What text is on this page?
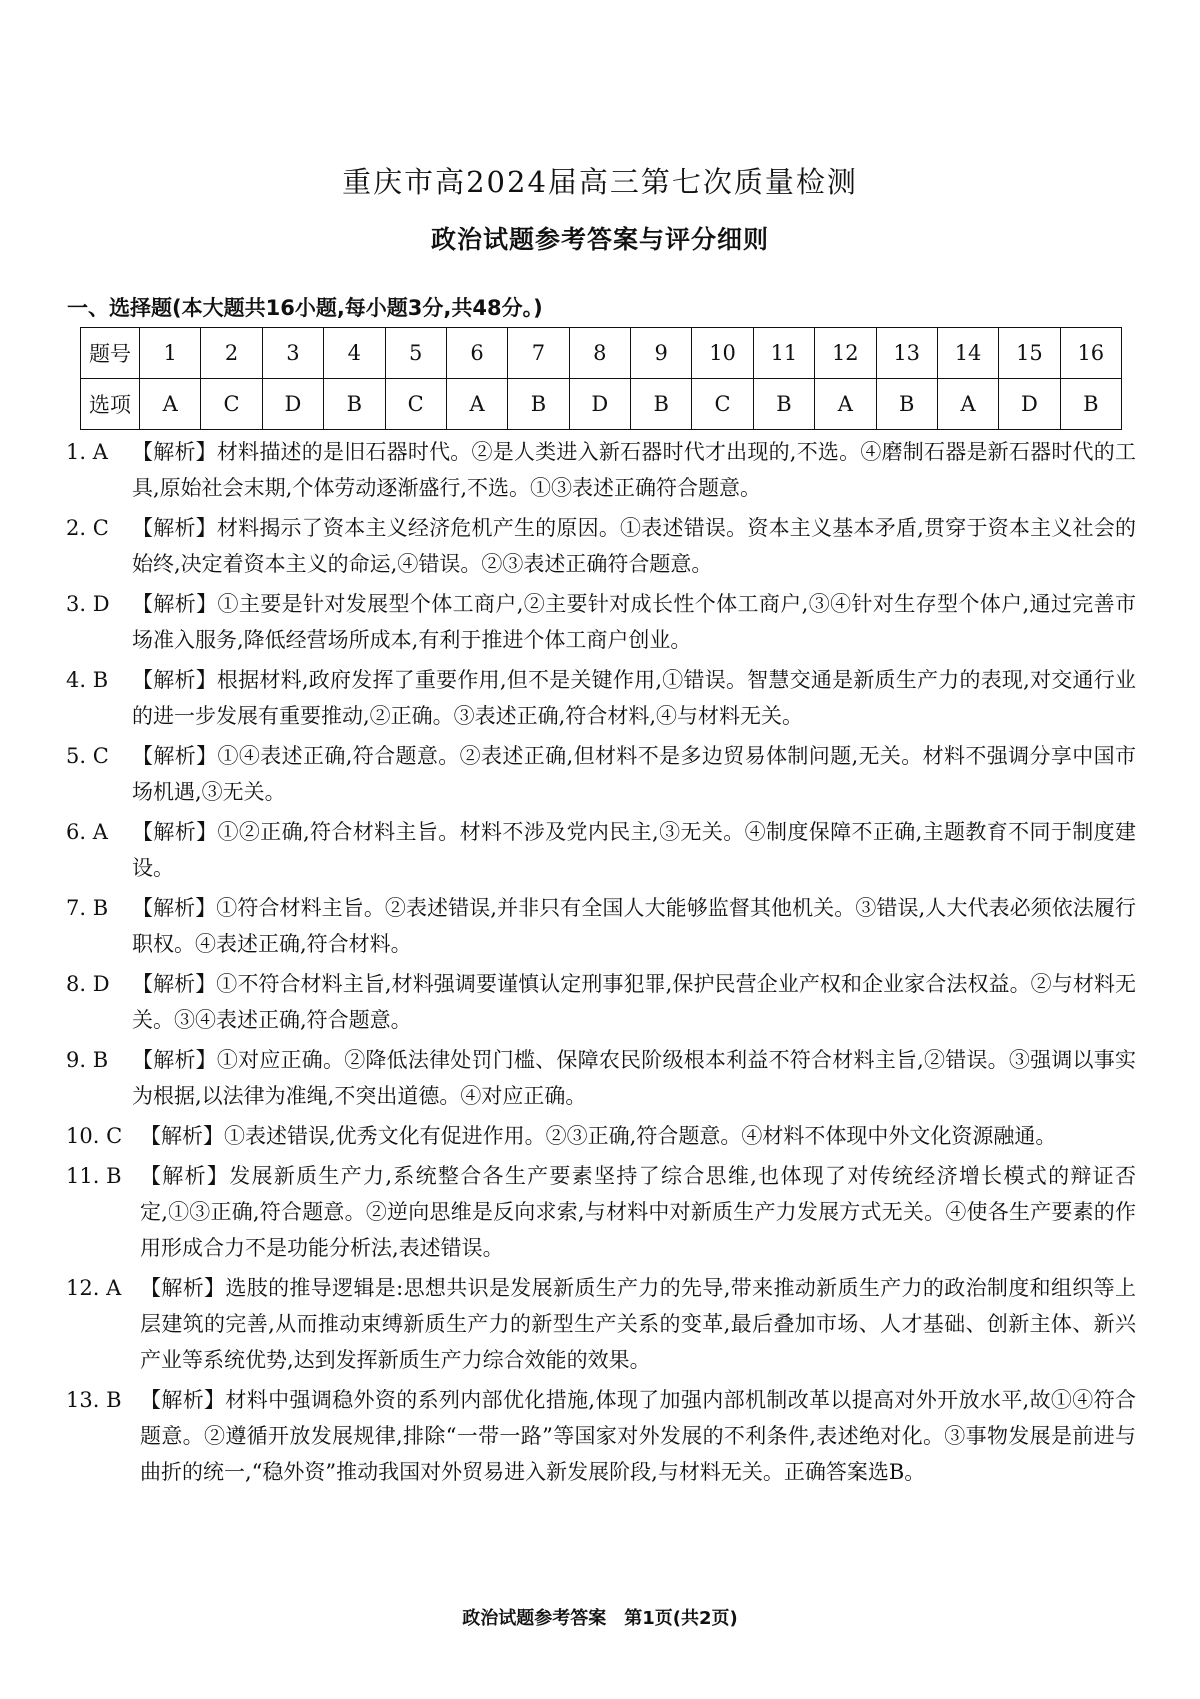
重庆市高2024届高三第七次质量检测
政治试题参考答案与评分细则
一、选择题(本大题共16小题,每小题3分,共48分。)
题号	1	2	3	4	5	6	7	8	9	10	11	12	13	14	15	16
选项	A	C	D	B	C	A	B	D	B	C	B	A	B	A	D	B
1. A	【解析】材料描述的是旧石器时代。②是人类进入新石器时代才出现的,不选。④磨制石器是新石器时代的工具,原始社会末期,个体劳动逐渐盛行,不选。①③表述正确符合题意。
2. C	【解析】材料揭示了资本主义经济危机产生的原因。①表述错误。资本主义基本矛盾,贯穿于资本主义社会的始终,决定着资本主义的命运,④错误。②③表述正确符合题意。
3. D	【解析】①主要是针对发展型个体工商户,②主要针对成长性个体工商户,③④针对生存型个体户,通过完善市场准入服务,降低经营场所成本,有利于推进个体工商户创业。
4. B	【解析】根据材料,政府发挥了重要作用,但不是关键作用,①错误。智慧交通是新质生产力的表现,对交通行业的进一步发展有重要推动,②正确。③表述正确,符合材料,④与材料无关。
5. C	【解析】①④表述正确,符合题意。②表述正确,但材料不是多边贸易体制问题,无关。材料不强调分享中国市场机遇,③无关。
6. A	【解析】①②正确,符合材料主旨。材料不涉及党内民主,③无关。④制度保障不正确,主题教育不同于制度建设。
7. B	【解析】①符合材料主旨。②表述错误,并非只有全国人大能够监督其他机关。③错误,人大代表必须依法履行职权。④表述正确,符合材料。
8. D	【解析】①不符合材料主旨,材料强调要谨慎认定刑事犯罪,保护民营企业产权和企业家合法权益。②与材料无关。③④表述正确,符合题意。
9. B	【解析】①对应正确。②降低法律处罚门槛、保障农民阶级根本利益不符合材料主旨,②错误。③强调以事实为根据,以法律为准绳,不突出道德。④对应正确。
10. C 【解析】①表述错误,优秀文化有促进作用。②③正确,符合题意。④材料不体现中外文化资源融通。
11. B 【解析】发展新质生产力,系统整合各生产要素坚持了综合思维,也体现了对传统经济增长模式的辩证否定,①③正确,符合题意。②逆向思维是反向求索,与材料中对新质生产力发展方式无关。④使各生产要素的作用形成合力不是功能分析法,表述错误。
12. A 【解析】选肢的推导逻辑是:思想共识是发展新质生产力的先导,带来推动新质生产力的政治制度和组织等上层建筑的完善,从而推动束缚新质生产力的新型生产关系的变革,最后叠加市场、人才基础、创新主体、新兴产业等系统优势,达到发挥新质生产力综合效能的效果。
13. B 【解析】材料中强调稳外资的系列内部优化措施,体现了加强内部机制改革以提高对外开放水平,故①④符合题意。②遵循开放发展规律,排除“一带一路”等国家对外发展的不利条件,表述绝对化。③事物发展是前进与曲折的统一,“稳外资”推动我国对外贸易进入新发展阶段,与材料无关。正确答案选B。
政治试题参考答案　第1页(共2页)
